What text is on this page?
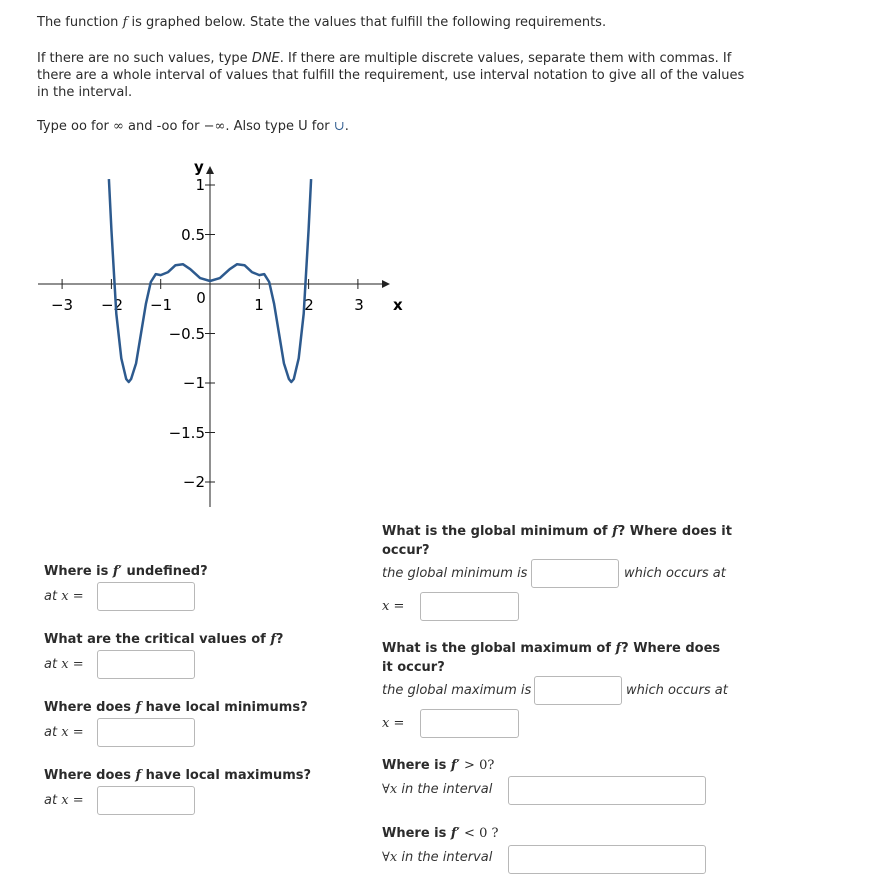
The function f is graphed below. State the values that fulfill the following requirements.
If there are no such values, type DNE. If there are multiple discrete values, separate them with commas. If there are a whole interval of values that fulfill the requirement, use interval notation to give all of the values in the interval.
Type oo for ∞ and -oo for −∞. Also type U for ∪.
x
y
−3 −2 −1 0	1	2	3
1
0.5
−0.5
−1
−1.5
−2
Where is f′ undefined?
at x =
What are the critical values of f?
at x =
Where does f have local minimums?
at x =
Where does f have local maximums?
at x =
What is the global minimum of f? Where does it occur?
the global minimum is	which occurs at
x =
What is the global maximum of f? Where does it occur?
the global maximum is	which occurs at
x =
Where is f′ > 0?
∀x in the interval
Where is f′ < 0 ?
∀x in the interval
